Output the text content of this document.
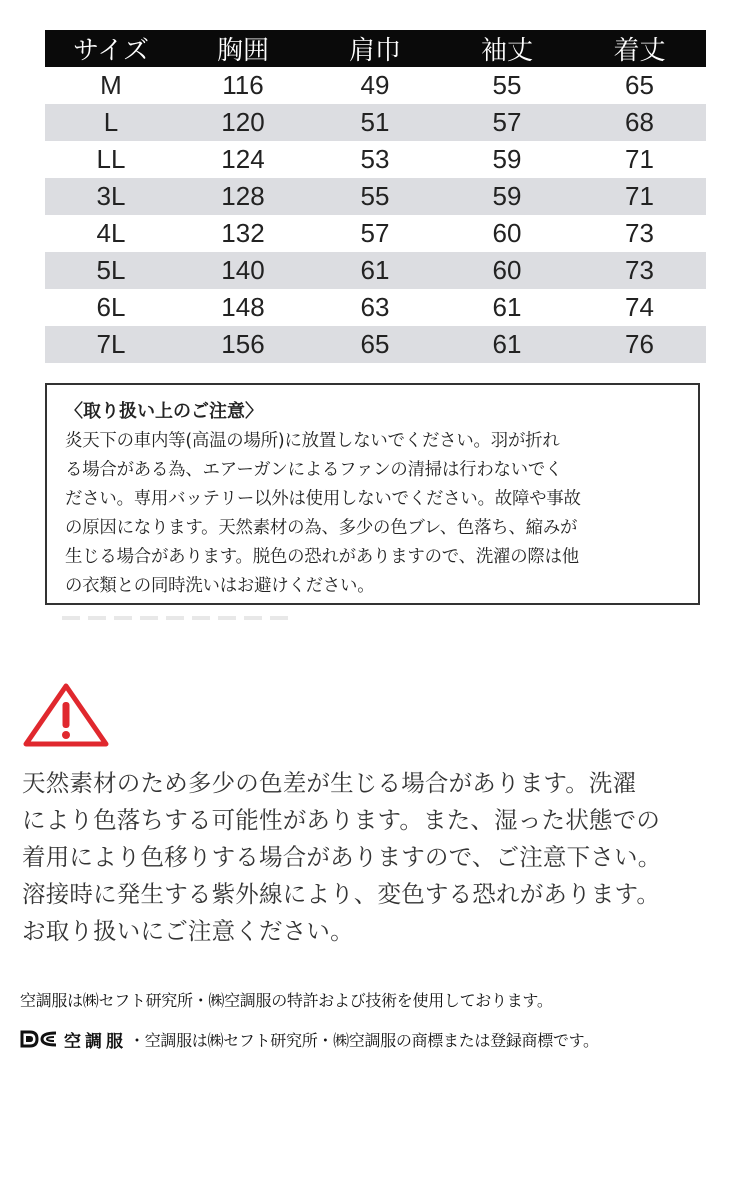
サイズ	胸囲	肩巾	袖丈	着丈
M	116	49	55	65
L	120	51	57	68
LL	124	53	59	71
3L	128	55	59	71
4L	132	57	60	73
5L	140	61	60	73
6L	148	63	61	74
7L	156	65	61	76

〈取り扱い上のご注意〉

炎天下の車内等(高温の場所)に放置しないでください。羽が折れ
る場合がある為、エアーガンによるファンの清掃は行わないでく
ださい。専用バッテリー以外は使用しないでください。故障や事故
の原因になります。天然素材の為、多少の色ブレ、色落ち、縮みが
生じる場合があります。脱色の恐れがありますので、洗濯の際は他
の衣類との同時洗いはお避けください。

天然素材のため多少の色差が生じる場合があります。洗濯
により色落ちする可能性があります。また、湿った状態での
着用により色移りする場合がありますので、ご注意下さい。
溶接時に発生する紫外線により、変色する恐れがあります。
お取り扱いにご注意ください。

空調服は㈱セフト研究所・㈱空調服の特許および技術を使用しております。

空調服 ・空調服は㈱セフト研究所・㈱空調服の商標または登録商標です。
